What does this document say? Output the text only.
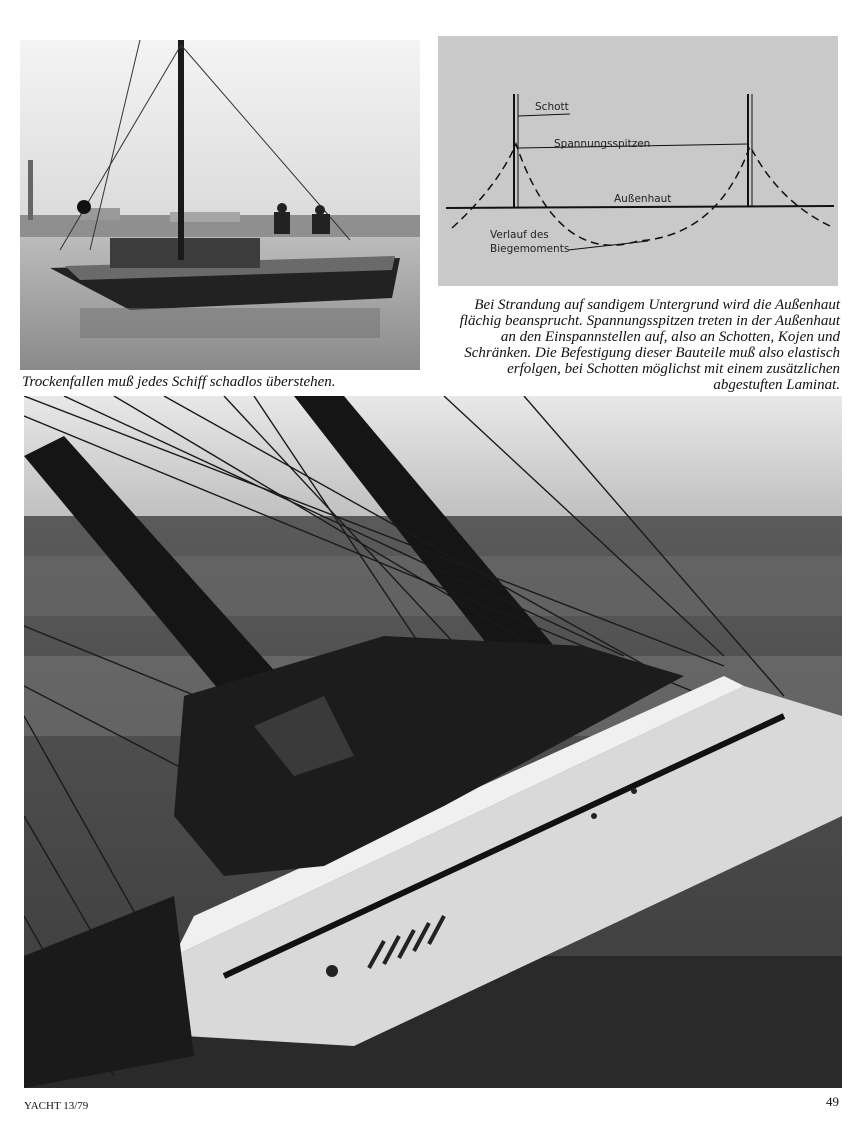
Trockenfallen muß jedes Schiff schadlos überstehen.
Schott
Spannungsspitzen
Außenhaut
Verlauf des
Biegemoments
Bei Strandung auf sandigem Untergrund wird die Außenhaut
flächig beansprucht. Spannungsspitzen treten in der Außenhaut
an den Einspannstellen auf, also an Schotten, Kojen und
Schränken. Die Befestigung dieser Bauteile muß also elastisch
erfolgen, bei Schotten möglichst mit einem zusätzlichen
abgestuften Laminat.
YACHT 13/79	49
